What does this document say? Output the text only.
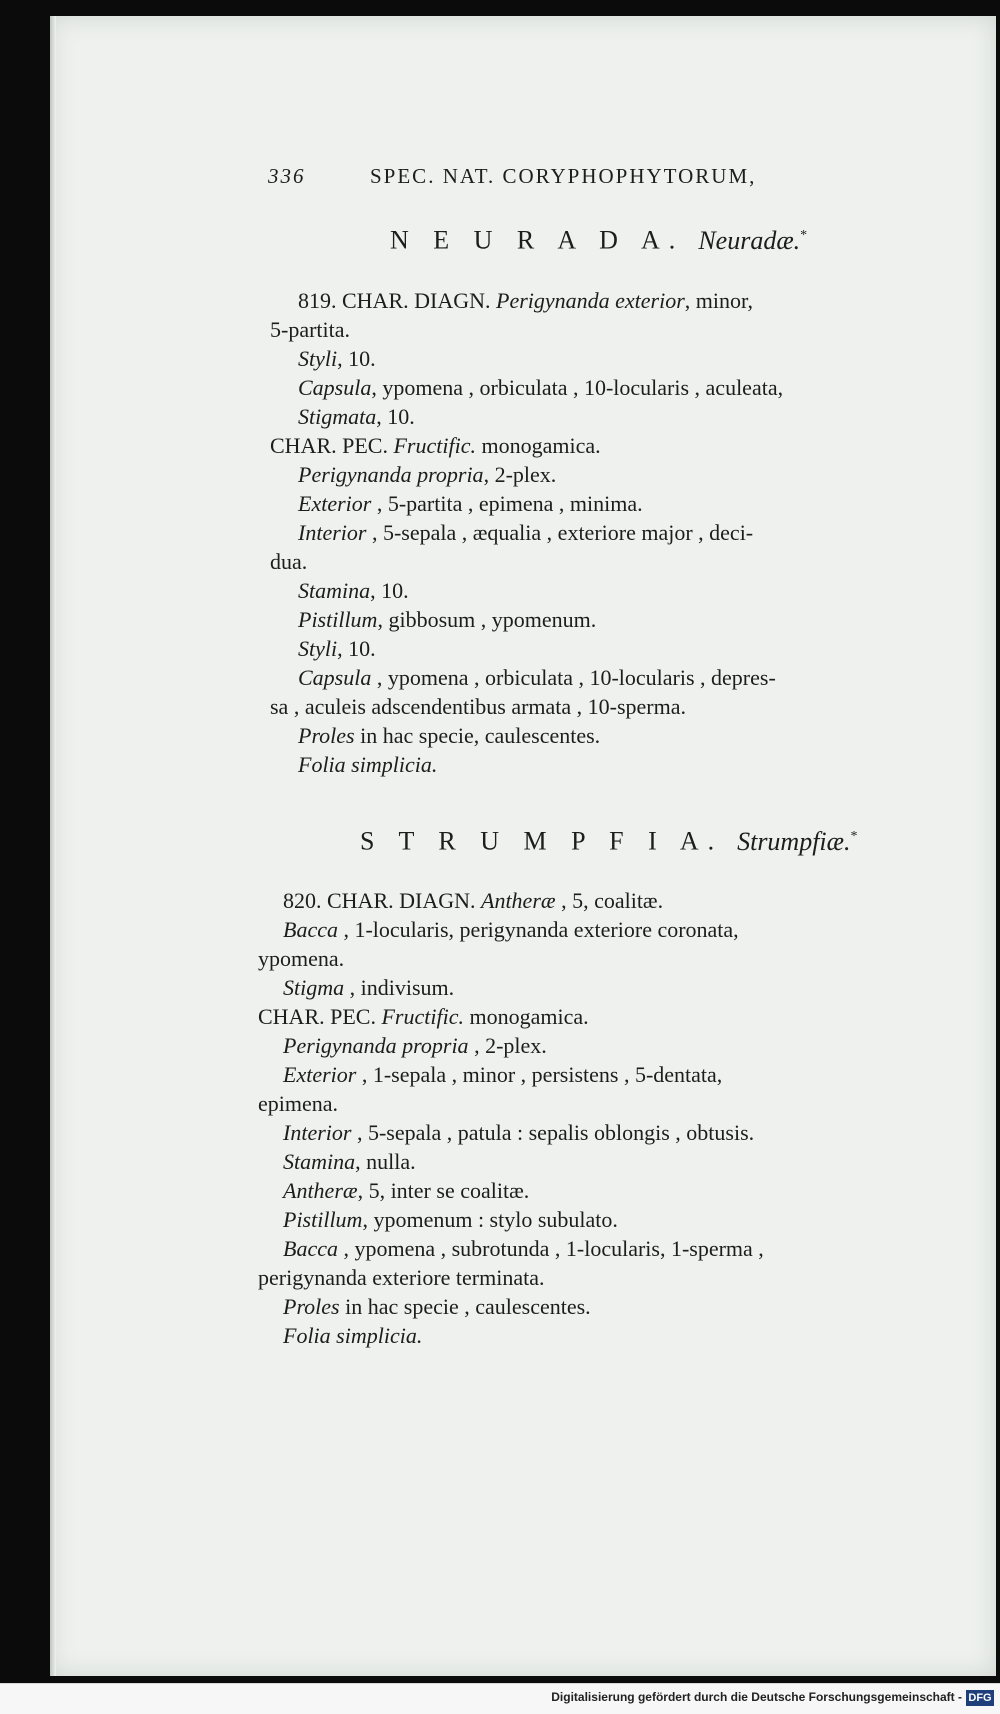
336	SPEC. NAT. CORYPHOPHYTORUM,
N E U R A D A. Neuradæ.*
819. CHAR. DIAGN. Perigynanda exterior, minor,
5-partita.
Styli, 10.
Capsula, ypomena , orbiculata , 10-locularis , aculeata,
Stigmata, 10.
CHAR. PEC. Fructific. monogamica.
Perigynanda propria, 2-plex.
Exterior , 5-partita , epimena , minima.
Interior , 5-sepala , æqualia , exteriore major , deci-
dua.
Stamina, 10.
Pistillum, gibbosum , ypomenum.
Styli, 10.
Capsula , ypomena , orbiculata , 10-locularis , depres-
sa , aculeis adscendentibus armata , 10-sperma.
Proles in hac specie, caulescentes.
Folia simplicia.
S T R U M P F I A. Strumpfiæ.*
820. CHAR. DIAGN. Antheræ , 5, coalitæ.
Bacca , 1-locularis, perigynanda exteriore coronata,
ypomena.
Stigma , indivisum.
CHAR. PEC. Fructific. monogamica.
Perigynanda propria , 2-plex.
Exterior , 1-sepala , minor , persistens , 5-dentata,
epimena.
Interior , 5-sepala , patula : sepalis oblongis , obtusis.
Stamina, nulla.
Antheræ, 5, inter se coalitæ.
Pistillum, ypomenum : stylo subulato.
Bacca , ypomena , subrotunda , 1-locularis, 1-sperma ,
perigynanda exteriore terminata.
Proles in hac specie , caulescentes.
Folia simplicia.
Digitalisierung gefördert durch die Deutsche Forschungsgemeinschaft - DFG
